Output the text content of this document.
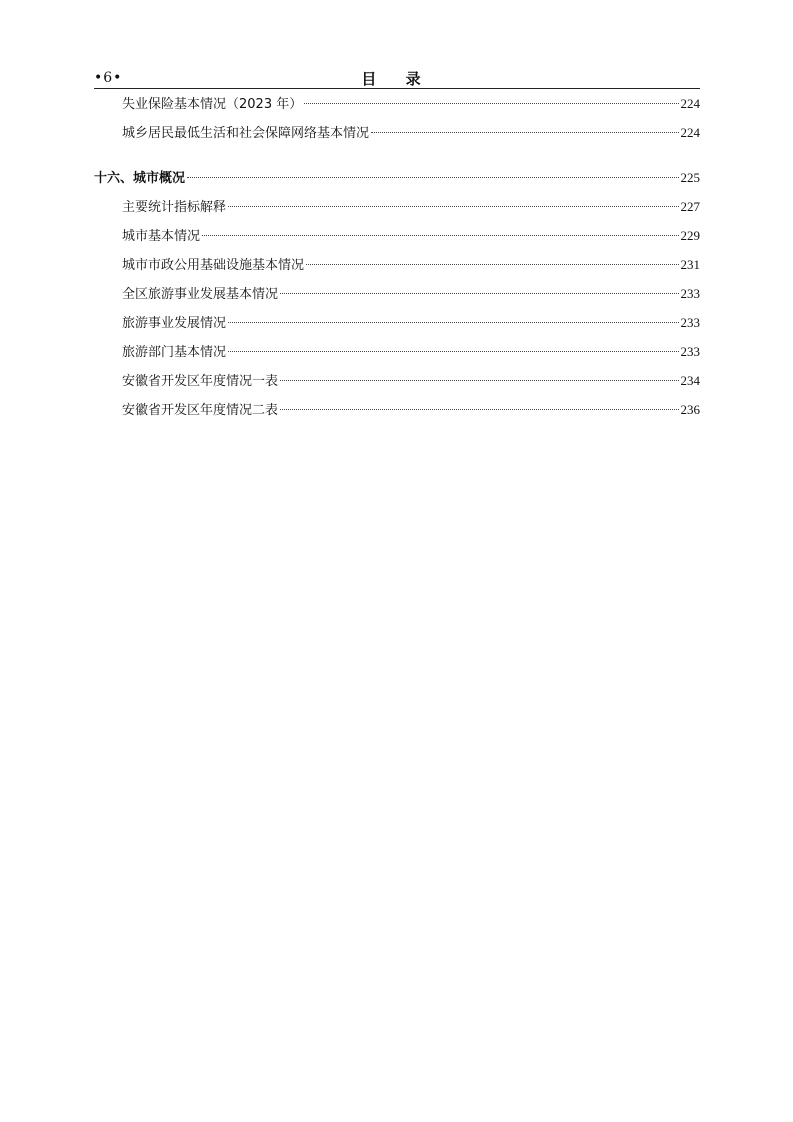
•6•	目 录
失业保险基本情况（2023 年）	224
城乡居民最低生活和社会保障网络基本情况	224
十六、城市概况	225
主要统计指标解释	227
城市基本情况	229
城市市政公用基础设施基本情况	231
全区旅游事业发展基本情况	233
旅游事业发展情况	233
旅游部门基本情况	233
安徽省开发区年度情况一表	234
安徽省开发区年度情况二表	236
